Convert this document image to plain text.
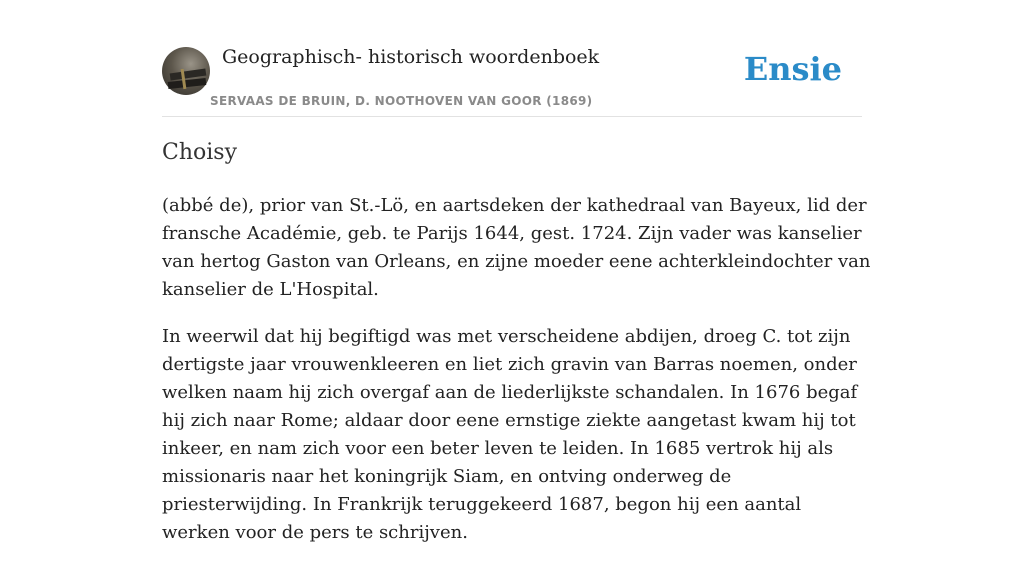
Geographisch- historisch woordenboek
SERVAAS DE BRUIN, D. NOOTHOVEN VAN GOOR (1869)
Ensie
Choisy

(abbé de), prior van St.-Lö, en aartsdeken der kathedraal van Bayeux, lid der fransche Académie, geb. te Parijs 1644, gest. 1724. Zijn vader was kanselier van hertog Gaston van Orleans, en zijne moeder eene achterkleindochter van kanselier de L'Hospital.

In weerwil dat hij begiftigd was met verscheidene abdijen, droeg C. tot zijn dertigste jaar vrouwenkleeren en liet zich gravin van Barras noemen, onder welken naam hij zich overgaf aan de liederlijkste schandalen. In 1676 begaf hij zich naar Rome; aldaar door eene ernstige ziekte aangetast kwam hij tot inkeer, en nam zich voor een beter leven te leiden. In 1685 vertrok hij als missionaris naar het koningrijk Siam, en ontving onderweg de priesterwijding. In Frankrijk teruggekeerd 1687, begon hij een aantal werken voor de pers te schrijven.
